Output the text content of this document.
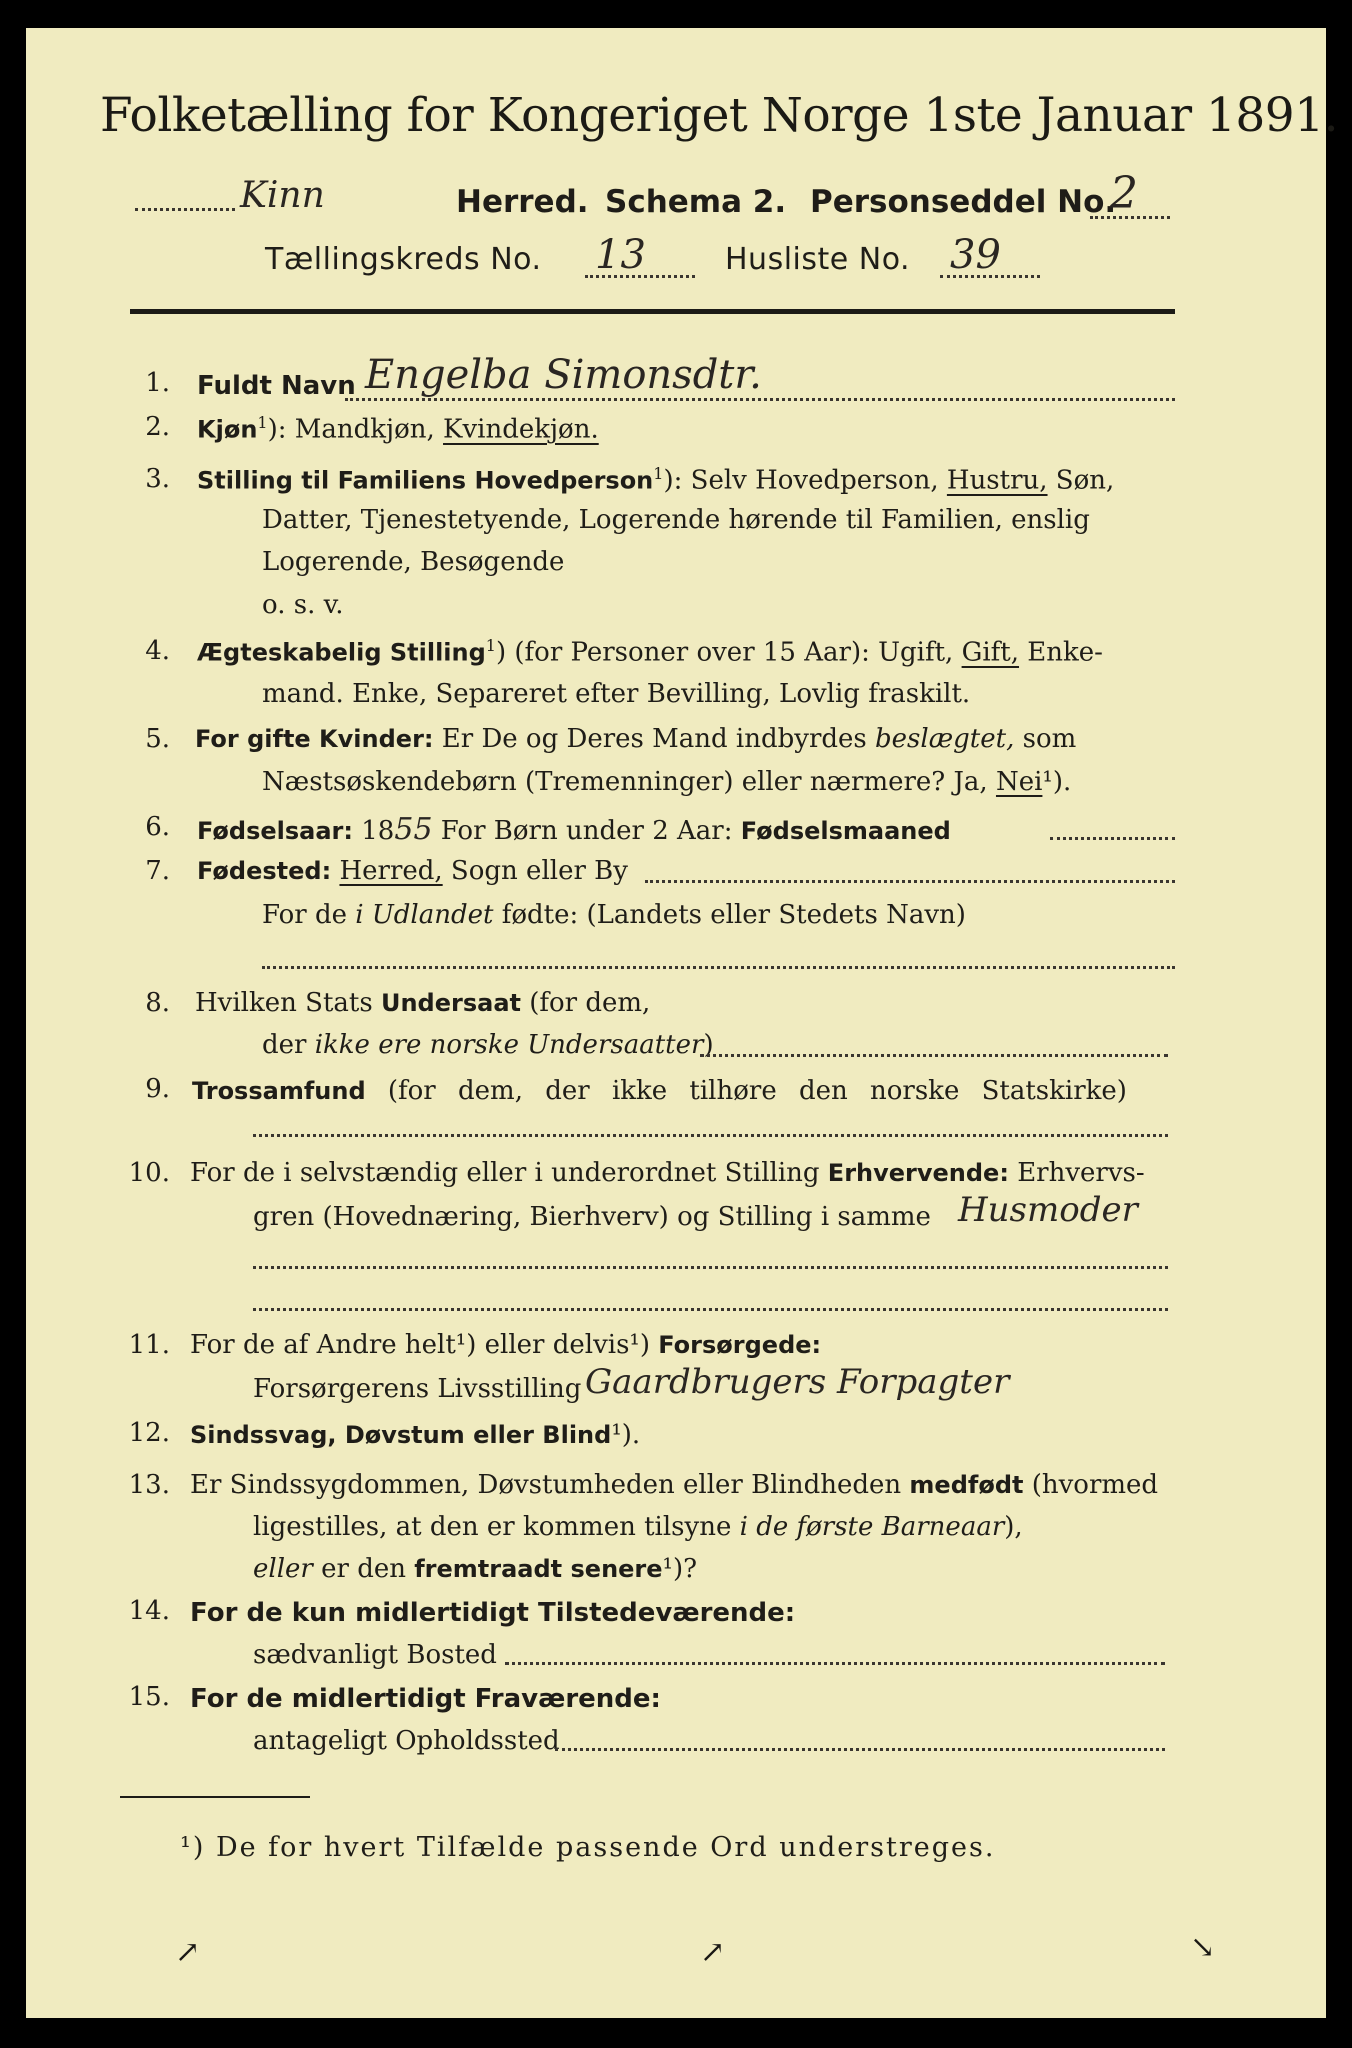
Folketælling for Kongeriget Norge 1ste Januar 1891.
Kinn	Herred. Schema 2. Personseddel No.
2
Tællingskreds No. 13	Husliste No. 39
1. Fuldt Navn Engelba Simonsdtr.
2. Kjøn$^1$): Mandkjøn, Kvindekjøn.
3. Stilling til Familiens Hovedperson$^1$): Selv Hovedperson, Hustru, Søn,
Datter, Tjenestetyende, Logerende hørende til Familien, enslig
Logerende, Besøgende
o. s. v.
4. Ægteskabelig Stilling$^1$) (for Personer over 15 Aar): Ugift, Gift, Enke-
mand. Enke, Separeret efter Bevilling, Lovlig fraskilt.
5. For gifte Kvinder: Er De og Deres Mand indbyrdes beslægtet, som
Næstsøskendebørn (Tremenninger) eller nærmere? Ja, Nei¹).
6. Fødselsaar: 1855 For Børn under 2 Aar: Fødselsmaaned
7. Fødested: Herred, Sogn eller By
For de i Udlandet fødte: (Landets eller Stedets Navn)
8. Hvilken Stats Undersaat (for dem,
der ikke ere norske Undersaatter)
9. Trossamfund (for dem, der ikke tilhøre den norske Statskirke)
10. For de i selvstændig eller i underordnet Stilling Erhvervende: Erhvervs-
gren (Hovednæring, Bierhverv) og Stilling i samme Husmoder
11. For de af Andre helt¹) eller delvis¹) Forsørgede:
Forsørgerens Livsstilling Gaardbrugers Forpagter
12. Sindssvag, Døvstum eller Blind¹).
13. Er Sindssygdommen, Døvstumheden eller Blindheden medfødt (hvormed
ligestilles, at den er kommen tilsyne i de første Barneaar),
eller er den fremtraadt senere¹)?
14. For de kun midlertidigt Tilstedeværende:
sædvanligt Bosted
15. For de midlertidigt Fraværende:
antageligt Opholdssted
¹) De for hvert Tilfælde passende Ord understreges.
↗	↗	↘
